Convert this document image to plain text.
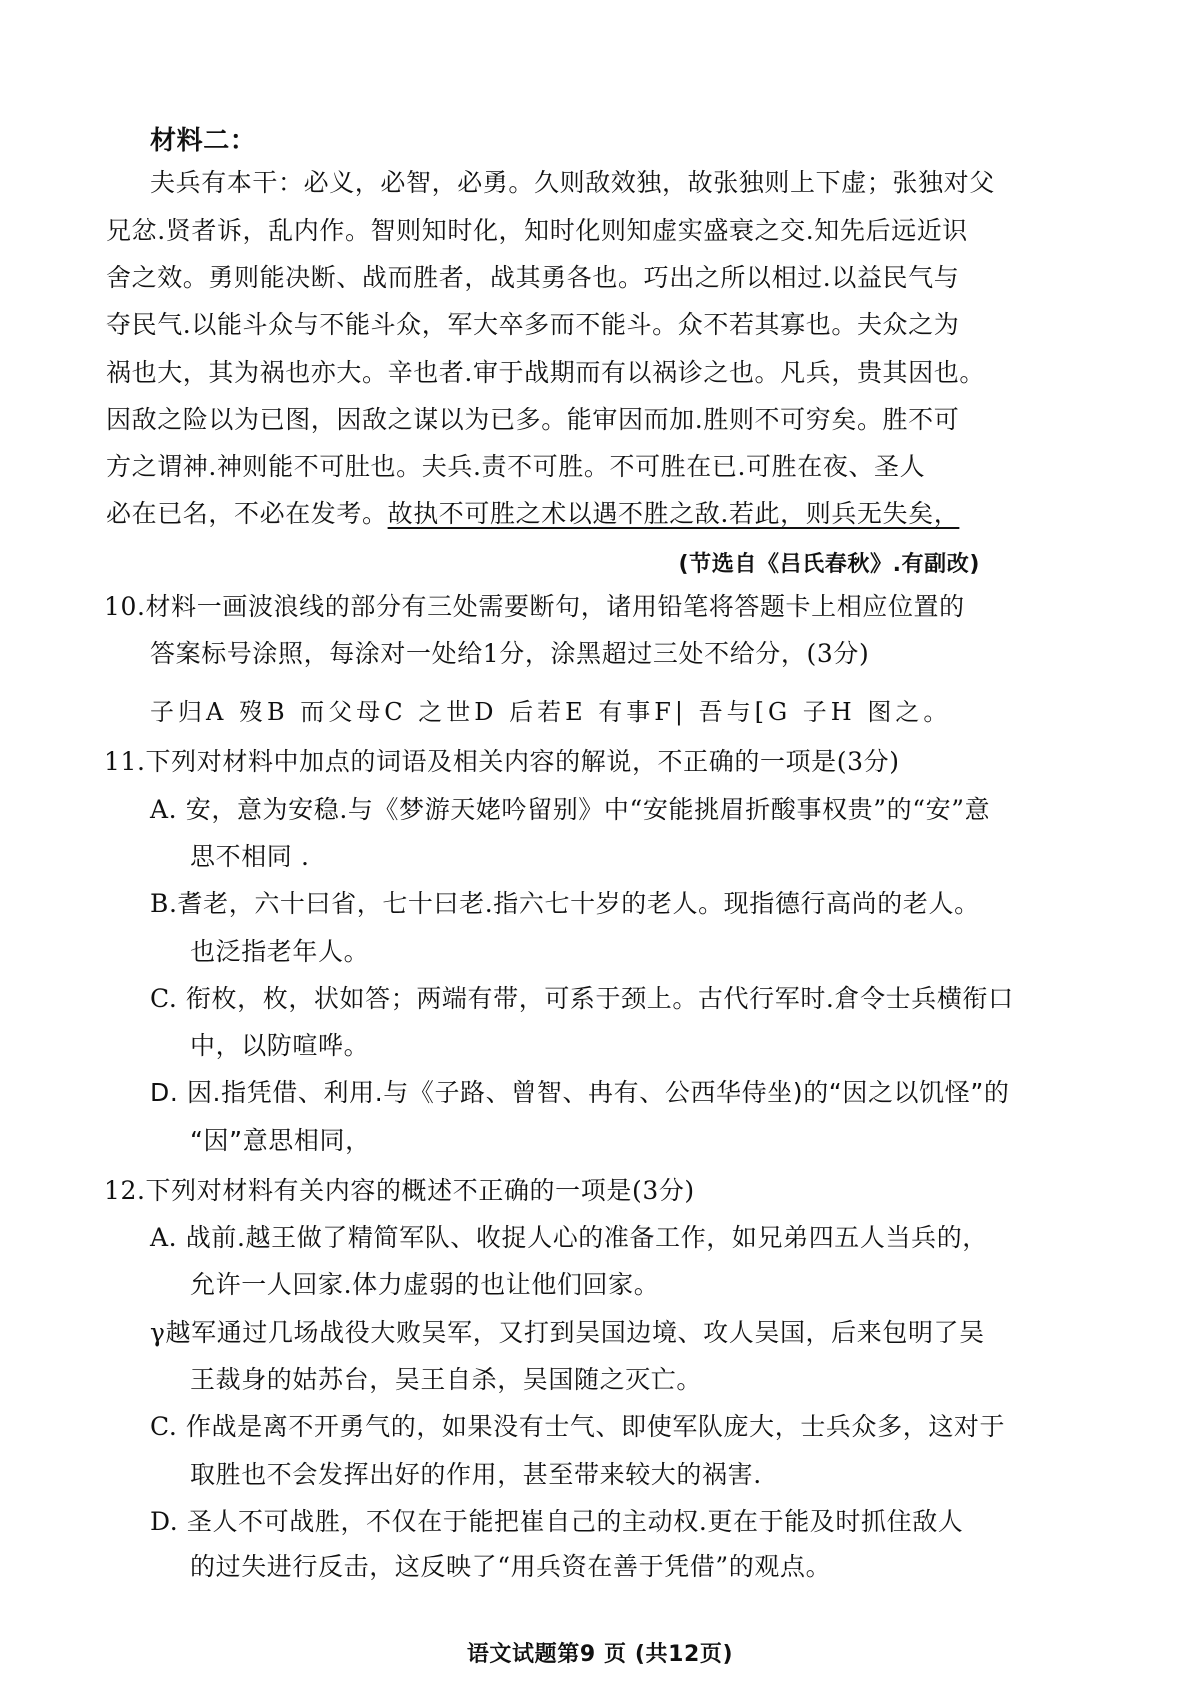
材料二：
夫兵有本干：必义，必智，必勇。久则敌效独，故张独则上下虚；张独对父
兄忿.贤者诉，乱内作。智则知时化，知时化则知虚实盛衰之交.知先后远近识
舍之效。勇则能决断、战而胜者，战其勇各也。巧出之所以相过.以益民气与
夺民气.以能斗众与不能斗众，军大卒多而不能斗。众不若其寡也。夫众之为
祸也大，其为祸也亦大。辛也者.审于战期而有以祸诊之也。凡兵，贵其因也。
因敌之险以为已图，因敌之谋以为已多。能审因而加.胜则不可穷矣。胜不可
方之谓神.神则能不可肚也。夫兵.责不可胜。不可胜在已.可胜在夜、圣人
必在已名，不必在发考。故执不可胜之术以遇不胜之敌.若此，则兵无失矣，
(节选自《吕氏春秋》.有副改)
10.材料一画波浪线的部分有三处需要断句，诸用铅笔将答题卡上相应位置的
答案标号涂照，每涂对一处给1分，涂黑超过三处不给分，(3分)
子归A 歿B 而父母C 之世D 后若E 有事F| 吾与[G 子H 图之。
11.下列对材料中加点的词语及相关内容的解说，不正确的一项是(3分)
A. 安，意为安稳.与《梦游天姥吟留别》中“安能挑眉折酸事权贵”的“安”意
思不相同 .
B.耆老，六十曰省，七十曰老.指六七十岁的老人。现指德行高尚的老人。
也泛指老年人。
C. 衔枚，枚，状如答；两端有带，可系于颈上。古代行军时.倉令士兵横衔口
中，以防喧哗。
D. 因.指凭借、利用.与《子路、曾智、冉有、公西华侍坐)的“因之以饥怪”的
“因”意思相同，
12.下列对材料有关内容的概述不正确的一项是(3分)
A. 战前.越王做了精简军队、收捉人心的准备工作，如兄弟四五人当兵的，
允许一人回家.体力虚弱的也让他们回家。
γ越军通过几场战役大败吴军，又打到吴国边境、攻人吴国，后来包明了吴
王裁身的姑苏台，吴王自杀，吴国随之灭亡。
C. 作战是离不开勇气的，如果没有士气、即使军队庞大，士兵众多，这对于
取胜也不会发挥出好的作用，甚至带来较大的祸害.
D. 圣人不可战胜，不仅在于能把崔自己的主动权.更在于能及时抓住敌人
的过失进行反击，这反映了“用兵资在善于凭借”的观点。
语文试题第9 页 (共12页)
